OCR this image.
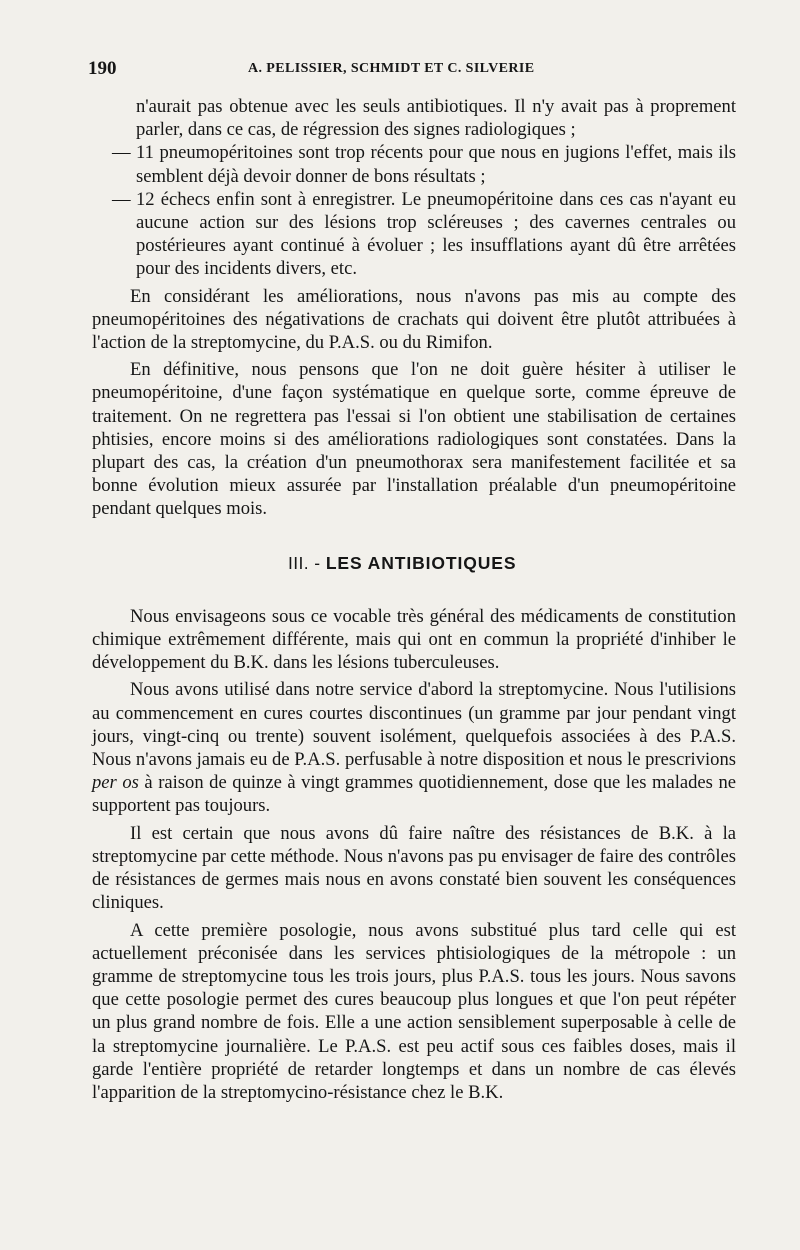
190	A. PELISSIER, SCHMIDT ET C. SILVERIE

n'aurait pas obtenue avec les seuls antibiotiques. Il n'y avait pas à proprement parler, dans ce cas, de régression des signes radiologiques ;

— 11 pneumopéritoines sont trop récents pour que nous en jugions l'effet, mais ils semblent déjà devoir donner de bons résultats ;
— 12 échecs enfin sont à enregistrer. Le pneumopéritoine dans ces cas n'ayant eu aucune action sur des lésions trop scléreuses ; des cavernes centrales ou postérieures ayant continué à évoluer ; les insufflations ayant dû être arrêtées pour des incidents divers, etc.

En considérant les améliorations, nous n'avons pas mis au compte des pneumopéritoines des négativations de crachats qui doivent être plutôt attribuées à l'action de la streptomycine, du P.A.S. ou du Rimifon.

En définitive, nous pensons que l'on ne doit guère hésiter à utiliser le pneumopéritoine, d'une façon systématique en quelque sorte, comme épreuve de traitement. On ne regrettera pas l'essai si l'on obtient une stabilisation de certaines phtisies, encore moins si des améliorations radiologiques sont constatées. Dans la plupart des cas, la création d'un pneumothorax sera manifestement facilitée et sa bonne évolution mieux assurée par l'installation préalable d'un pneumopéritoine pendant quelques mois.

III. - LES ANTIBIOTIQUES

Nous envisageons sous ce vocable très général des médicaments de constitution chimique extrêmement différente, mais qui ont en commun la propriété d'inhiber le développement du B.K. dans les lésions tuberculeuses.

Nous avons utilisé dans notre service d'abord la streptomycine. Nous l'utilisions au commencement en cures courtes discontinues (un gramme par jour pendant vingt jours, vingt-cinq ou trente) souvent isolément, quelquefois associées à des P.A.S. Nous n'avons jamais eu de P.A.S. perfusable à notre disposition et nous le prescrivions per os à raison de quinze à vingt grammes quotidiennement, dose que les malades ne supportent pas toujours.

Il est certain que nous avons dû faire naître des résistances de B.K. à la streptomycine par cette méthode. Nous n'avons pas pu envisager de faire des contrôles de résistances de germes mais nous en avons constaté bien souvent les conséquences cliniques.

A cette première posologie, nous avons substitué plus tard celle qui est actuellement préconisée dans les services phtisiologiques de la métropole : un gramme de streptomycine tous les trois jours, plus P.A.S. tous les jours. Nous savons que cette posologie permet des cures beaucoup plus longues et que l'on peut répéter un plus grand nombre de fois. Elle a une action sensiblement superposable à celle de la streptomycine journalière. Le P.A.S. est peu actif sous ces faibles doses, mais il garde l'entière propriété de retarder longtemps et dans un nombre de cas élevés l'apparition de la streptomycino-résistance chez le B.K.
